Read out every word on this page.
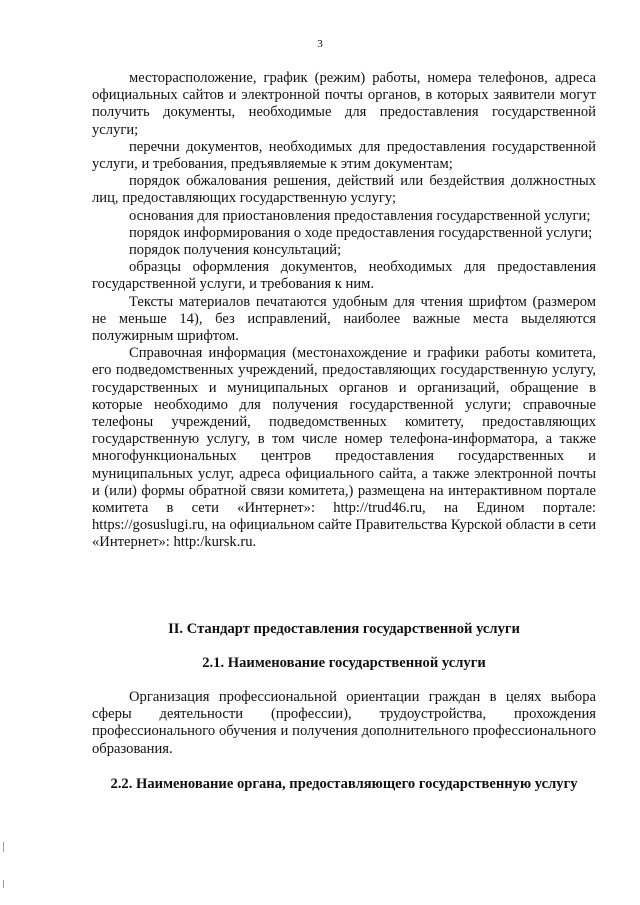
3

месторасположение, график (режим) работы, номера телефонов, адреса официальных сайтов и электронной почты органов, в которых заявители могут получить документы, необходимые для предоставления государственной услуги;

перечни документов, необходимых для предоставления государственной услуги, и требования, предъявляемые к этим документам;

порядок обжалования решения, действий или бездействия должностных лиц, предоставляющих государственную услугу;

основания для приостановления предоставления государственной услуги;

порядок информирования о ходе предоставления государственной услуги;

порядок получения консультаций;

образцы оформления документов, необходимых для предоставления государственной услуги, и требования к ним.

Тексты материалов печатаются удобным для чтения шрифтом (размером не меньше 14), без исправлений, наиболее важные места выделяются полужирным шрифтом.

Справочная информация (местонахождение и графики работы комитета, его подведомственных учреждений, предоставляющих государственную услугу, государственных и муниципальных органов и организаций, обращение в которые необходимо для получения государственной услуги; справочные телефоны учреждений, подведомственных комитету, предоставляющих государственную услугу, в том числе номер телефона-информатора, а также многофункциональных центров предоставления государственных и муниципальных услуг, адреса официального сайта, а также электронной почты и (или) формы обратной связи комитета,) размещена на интерактивном портале комитета в сети «Интернет»: http://trud46.ru, на Едином портале: https://gosuslugi.ru, на официальном сайте Правительства Курской области в сети «Интернет»: http:/kursk.ru.

II. Стандарт предоставления государственной услуги
2.1. Наименование государственной услуги

Организация профессиональной ориентации граждан в целях выбора сферы деятельности (профессии), трудоустройства, прохождения профессионального обучения и получения дополнительного профессионального образования.

2.2. Наименование органа, предоставляющего государственную услугу
